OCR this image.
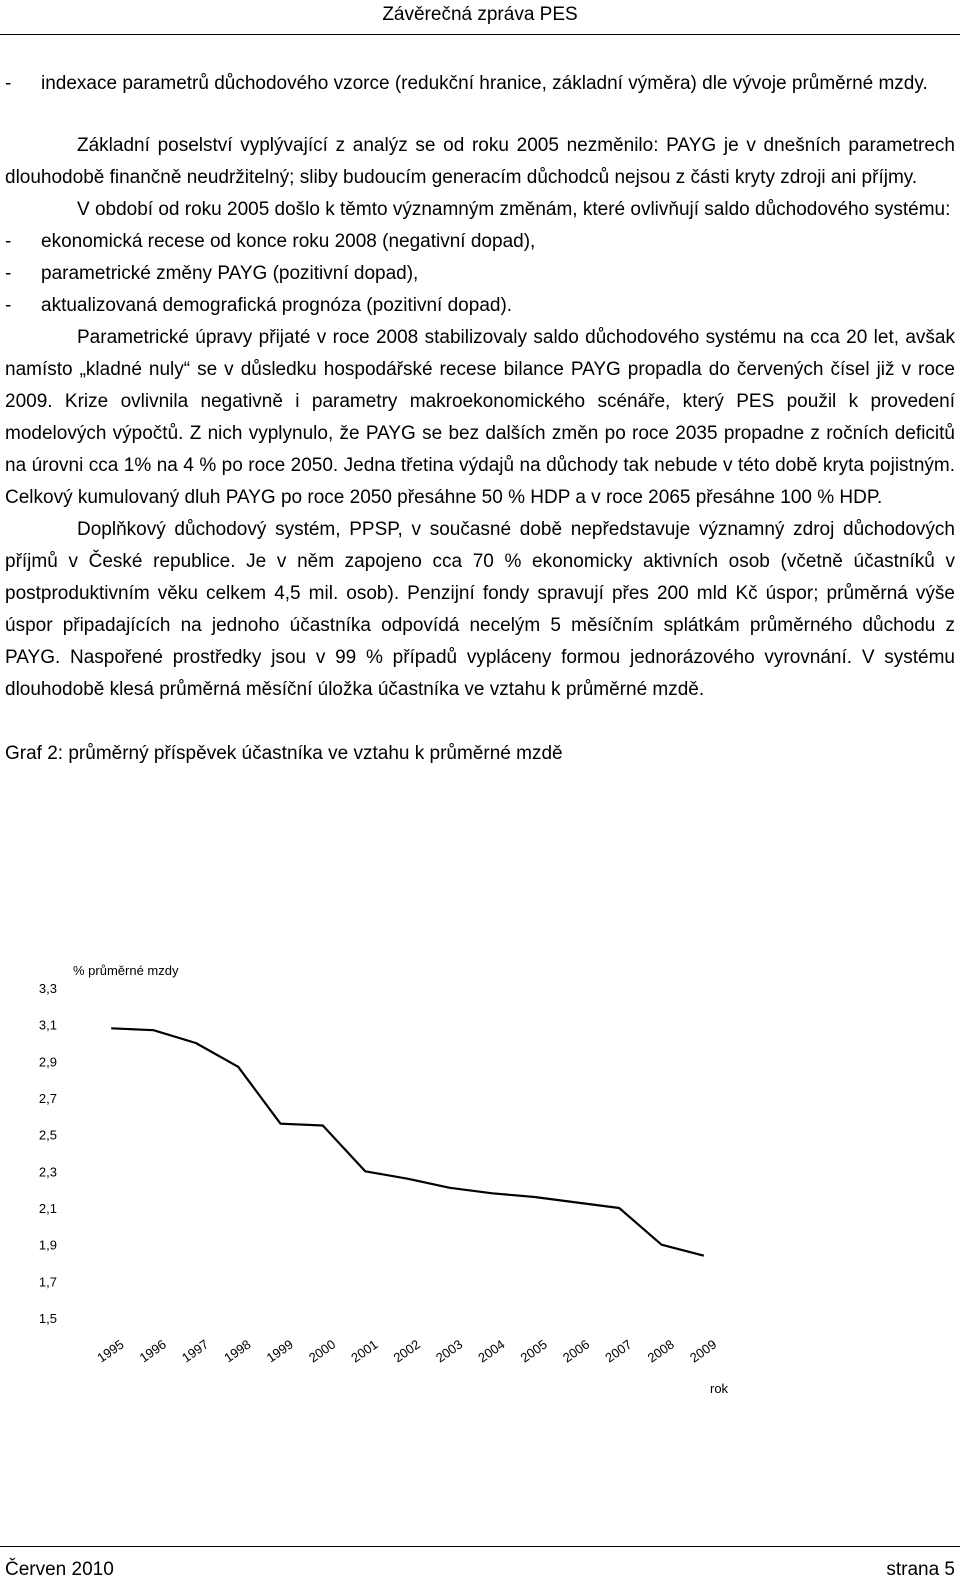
Závěrečná zpráva PES
-	indexace parametrů důchodového vzorce (redukční hranice, základní výměra) dle vývoje průměrné mzdy.

Základní poselství vyplývající z analýz se od roku 2005 nezměnilo: PAYG je v dnešních parametrech dlouhodobě finančně neudržitelný; sliby budoucím generacím důchodců nejsou z části kryty zdroji ani příjmy.

V období od roku 2005 došlo k těmto významným změnám, které ovlivňují saldo důchodového systému:

-	ekonomická recese od konce roku 2008 (negativní dopad),
-	parametrické změny PAYG (pozitivní dopad),
-	aktualizovaná demografická prognóza (pozitivní dopad).

Parametrické úpravy přijaté v roce 2008 stabilizovaly saldo důchodového systému na cca 20 let, avšak namísto „kladné nuly“ se v důsledku hospodářské recese bilance PAYG propadla do červených čísel již v roce 2009. Krize ovlivnila negativně i parametry makroekonomického scénáře, který PES použil k provedení modelových výpočtů. Z nich vyplynulo, že PAYG se bez dalších změn po roce 2035 propadne z ročních deficitů na úrovni cca 1% na 4 % po roce 2050. Jedna třetina výdajů na důchody tak nebude v této době kryta pojistným. Celkový kumulovaný dluh PAYG po roce 2050 přesáhne 50 % HDP a v roce 2065 přesáhne 100 % HDP.

Doplňkový důchodový systém, PPSP, v současné době nepředstavuje významný zdroj důchodových příjmů v České republice. Je v něm zapojeno cca 70 % ekonomicky aktivních osob (včetně účastníků v postproduktivním věku celkem 4,5 mil. osob). Penzijní fondy spravují přes 200 mld Kč úspor; průměrná výše úspor připadajících na jednoho účastníka odpovídá necelým 5 měsíčním splátkám průměrného důchodu z PAYG. Naspořené prostředky jsou v 99 % případů vypláceny formou jednorázového vyrovnání. V systému dlouhodobě klesá průměrná měsíční úložka účastníka ve vztahu k průměrné mzdě.

Graf 2: průměrný příspěvek účastníka ve vztahu k průměrné mzdě
% průměrné mzdy
1,5
1,7
1,9
2,1
2,3
2,5
2,7
2,9
3,1
3,3
1995 1996 1997 1998 1999 2000 2001 2002 2003 2004 2005 2006 2007 2008 2009
rok
Červen 2010	strana 5
